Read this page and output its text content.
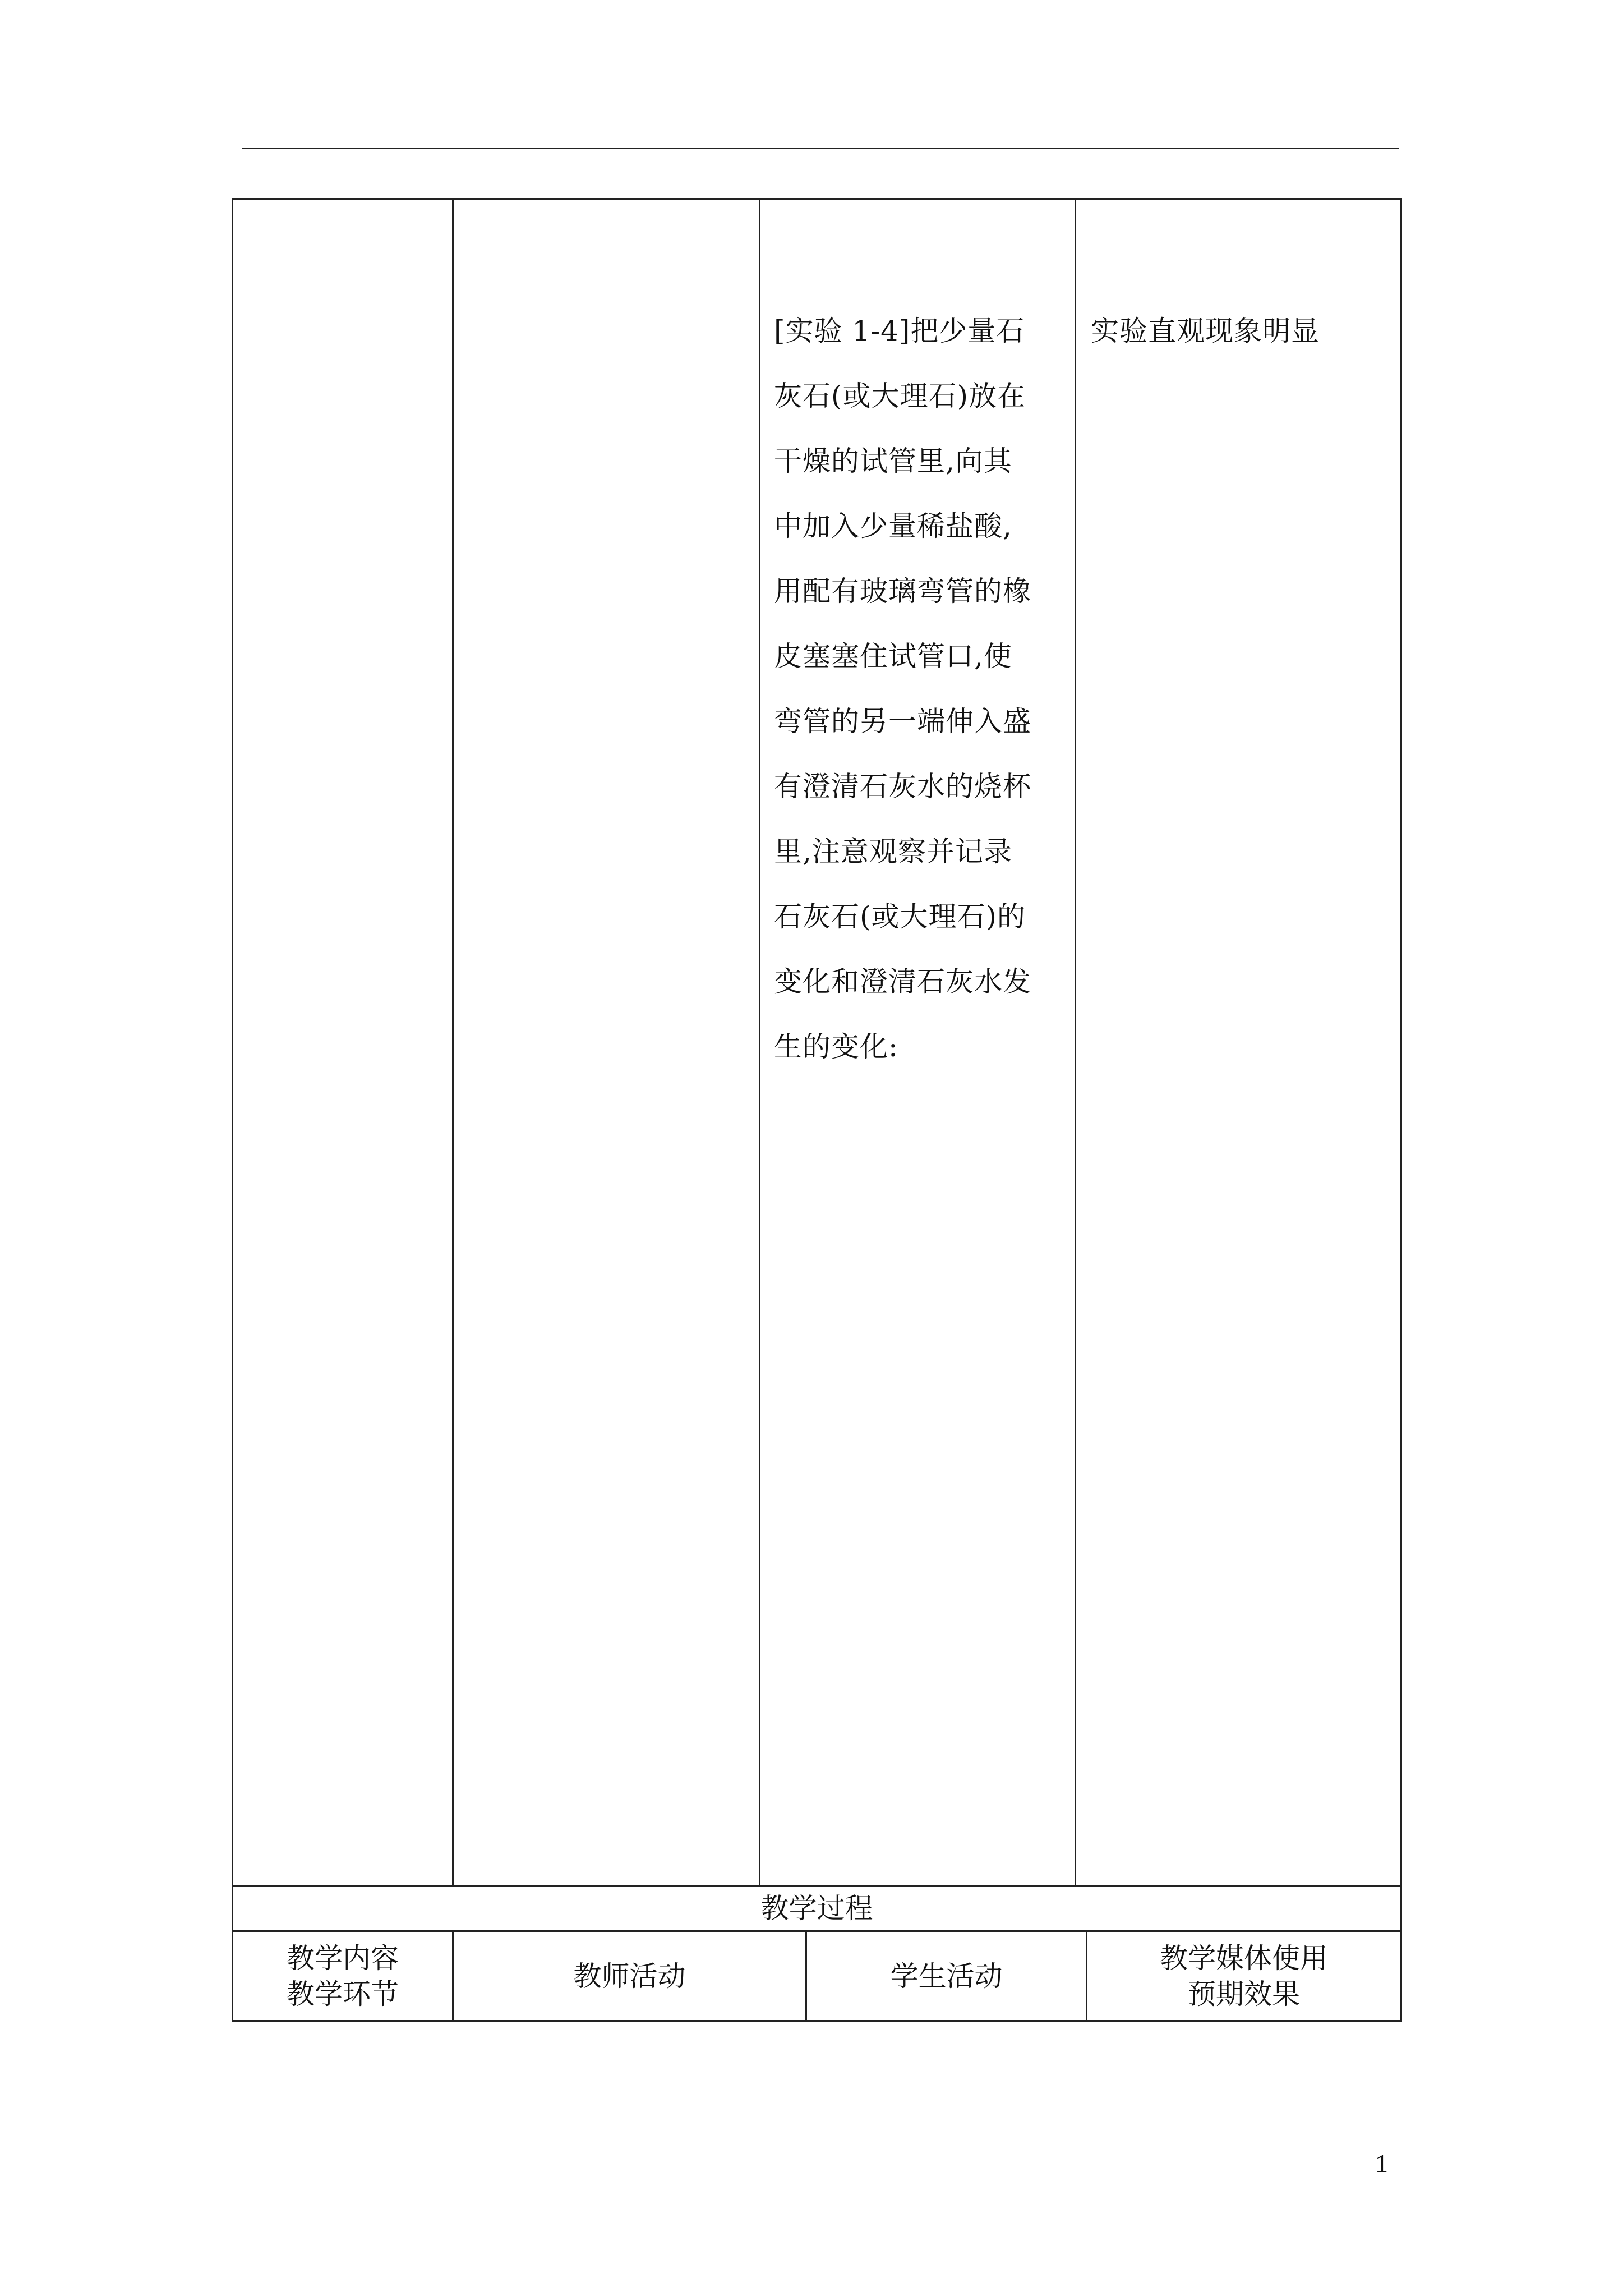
[实验 1-4]把少量石
灰石(或大理石)放在
干燥的试管里,向其
中加入少量稀盐酸,
用配有玻璃弯管的橡
皮塞塞住试管口,使
弯管的另一端伸入盛
有澄清石灰水的烧杯
里,注意观察并记录
石灰石(或大理石)的
变化和澄清石灰水发
生的变化:
实验直观现象明显
教学过程
教学内容
教学环节
教师活动	学生活动
教学媒体使用
预期效果
1
